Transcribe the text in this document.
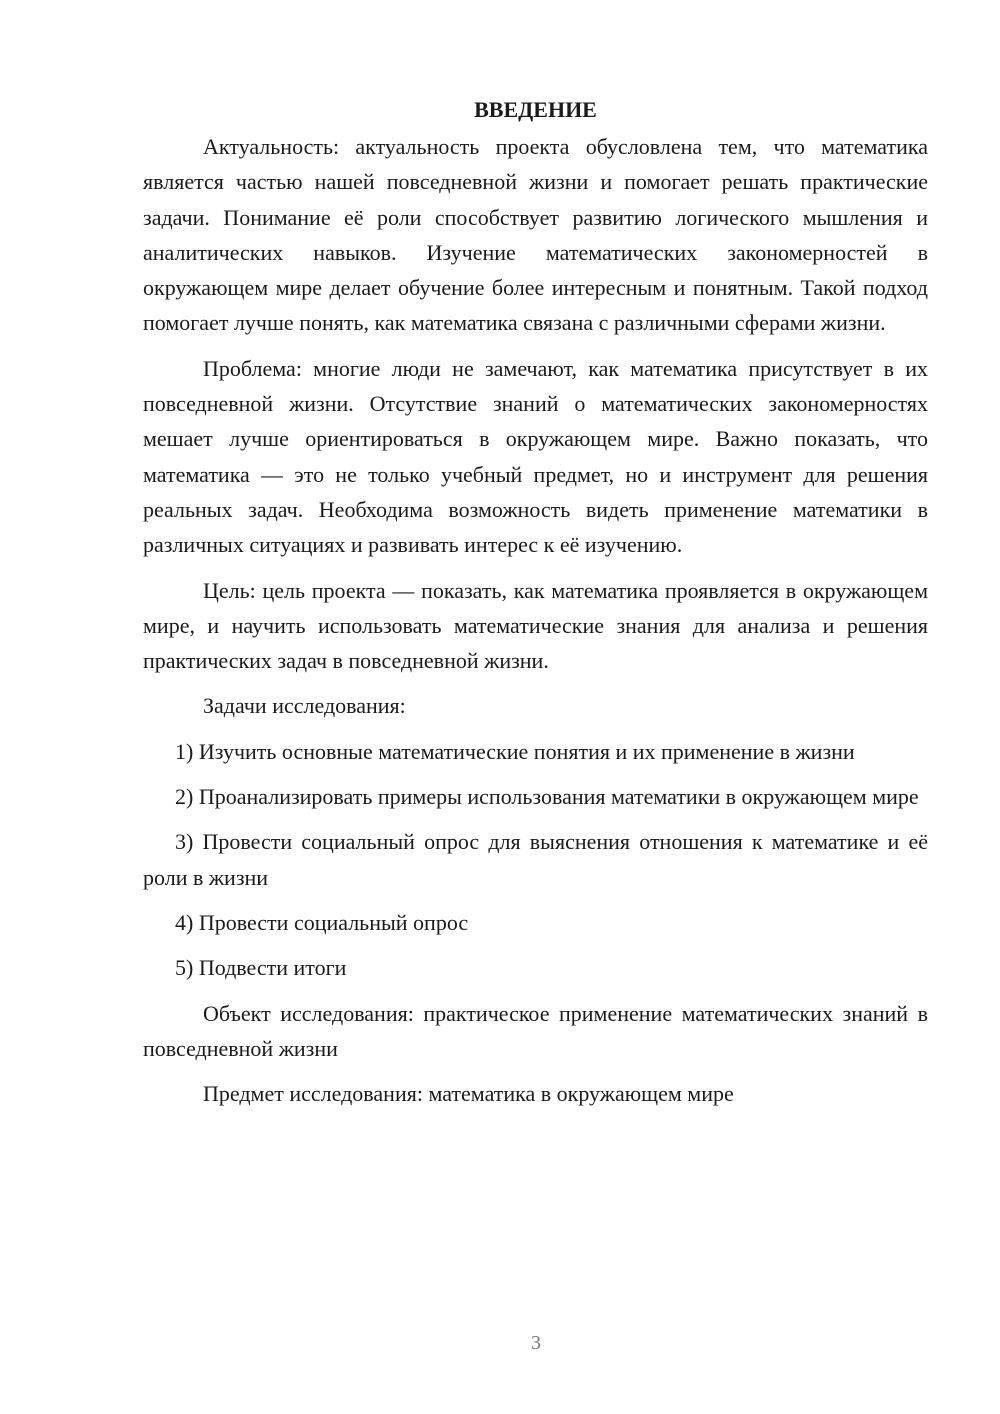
ВВЕДЕНИЕ

Актуальность: актуальность проекта обусловлена тем, что математика является частью нашей повседневной жизни и помогает решать практические задачи. Понимание её роли способствует развитию логического мышления и аналитических навыков. Изучение математических закономерностей в окружающем мире делает обучение более интересным и понятным. Такой подход помогает лучше понять, как математика связана с различными сферами жизни.

Проблема: многие люди не замечают, как математика присутствует в их повседневной жизни. Отсутствие знаний о математических закономерностях мешает лучше ориентироваться в окружающем мире. Важно показать, что математика — это не только учебный предмет, но и инструмент для решения реальных задач. Необходима возможность видеть применение математики в различных ситуациях и развивать интерес к её изучению.

Цель: цель проекта — показать, как математика проявляется в окружающем мире, и научить использовать математические знания для анализа и решения практических задач в повседневной жизни.

Задачи исследования:

1) Изучить основные математические понятия и их применение в жизни

2) Проанализировать примеры использования математики в окружающем мире

3) Провести социальный опрос для выяснения отношения к математике и её роли в жизни

4) Провести социальный опрос

5) Подвести итоги

Объект исследования: практическое применение математических знаний в повседневной жизни

Предмет исследования: математика в окружающем мире

3
